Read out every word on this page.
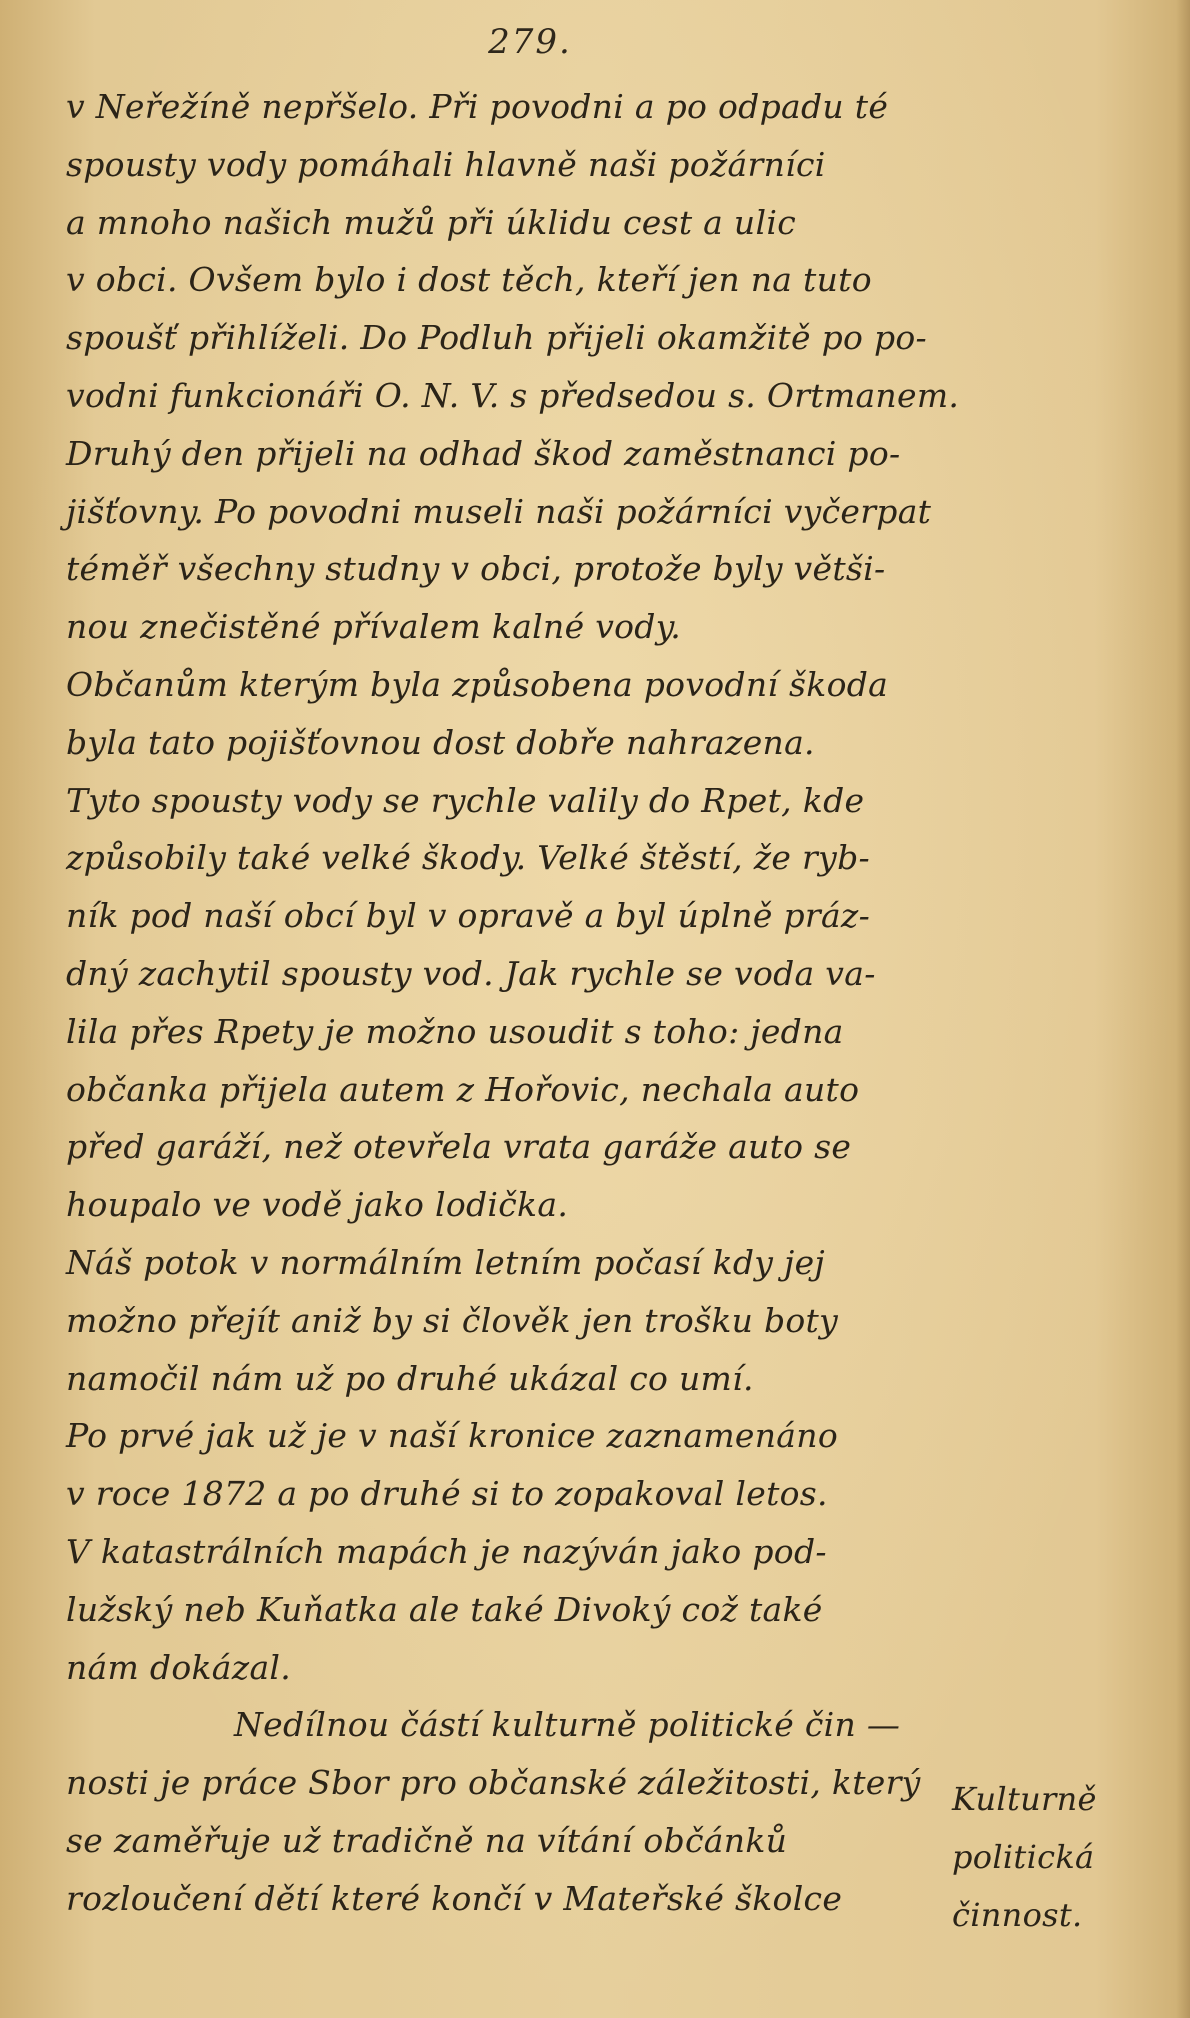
279.
v Neřežíně nepřšelo. Při povodni a po odpadu té
spousty vody pomáhali hlavně naši požárníci
a mnoho našich mužů při úklidu cest a ulic
v obci. Ovšem bylo i dost těch, kteří jen na tuto
spoušť přihlíželi. Do Podluh přijeli okamžitě po po-
vodni funkcionáři O. N. V. s předsedou s. Ortmanem.
Druhý den přijeli na odhad škod zaměstnanci po-
jišťovny. Po povodni museli naši požárníci vyčerpat
téměř všechny studny v obci, protože byly větši-
nou znečistěné přívalem kalné vody.
Občanům kterým byla způsobena povodní škoda
byla tato pojišťovnou dost dobře nahrazena.
Tyto spousty vody se rychle valily do Rpet, kde
způsobily také velké škody. Velké štěstí, že ryb-
ník pod naší obcí byl v opravě a byl úplně práz-
dný zachytil spousty vod. Jak rychle se voda va-
lila přes Rpety je možno usoudit s toho: jedna
občanka přijela autem z Hořovic, nechala auto
před garáží, než otevřela vrata garáže auto se
houpalo ve vodě jako lodička.
Náš potok v normálním letním počasí kdy jej
možno přejít aniž by si člověk jen trošku boty
namočil nám už po druhé ukázal co umí.
Po prvé jak už je v naší kronice zaznamenáno
v roce 1872 a po druhé si to zopakoval letos.
V katastrálních mapách je nazýván jako pod-
lužský neb Kuňatka ale také Divoký což také
nám dokázal.
Nedílnou částí kulturně politické čin —
nosti je práce Sbor pro občanské záležitosti, který
se zaměřuje už tradičně na vítání občánků
rozloučení dětí které končí v Mateřské školce
Kulturně
politická
činnost.
